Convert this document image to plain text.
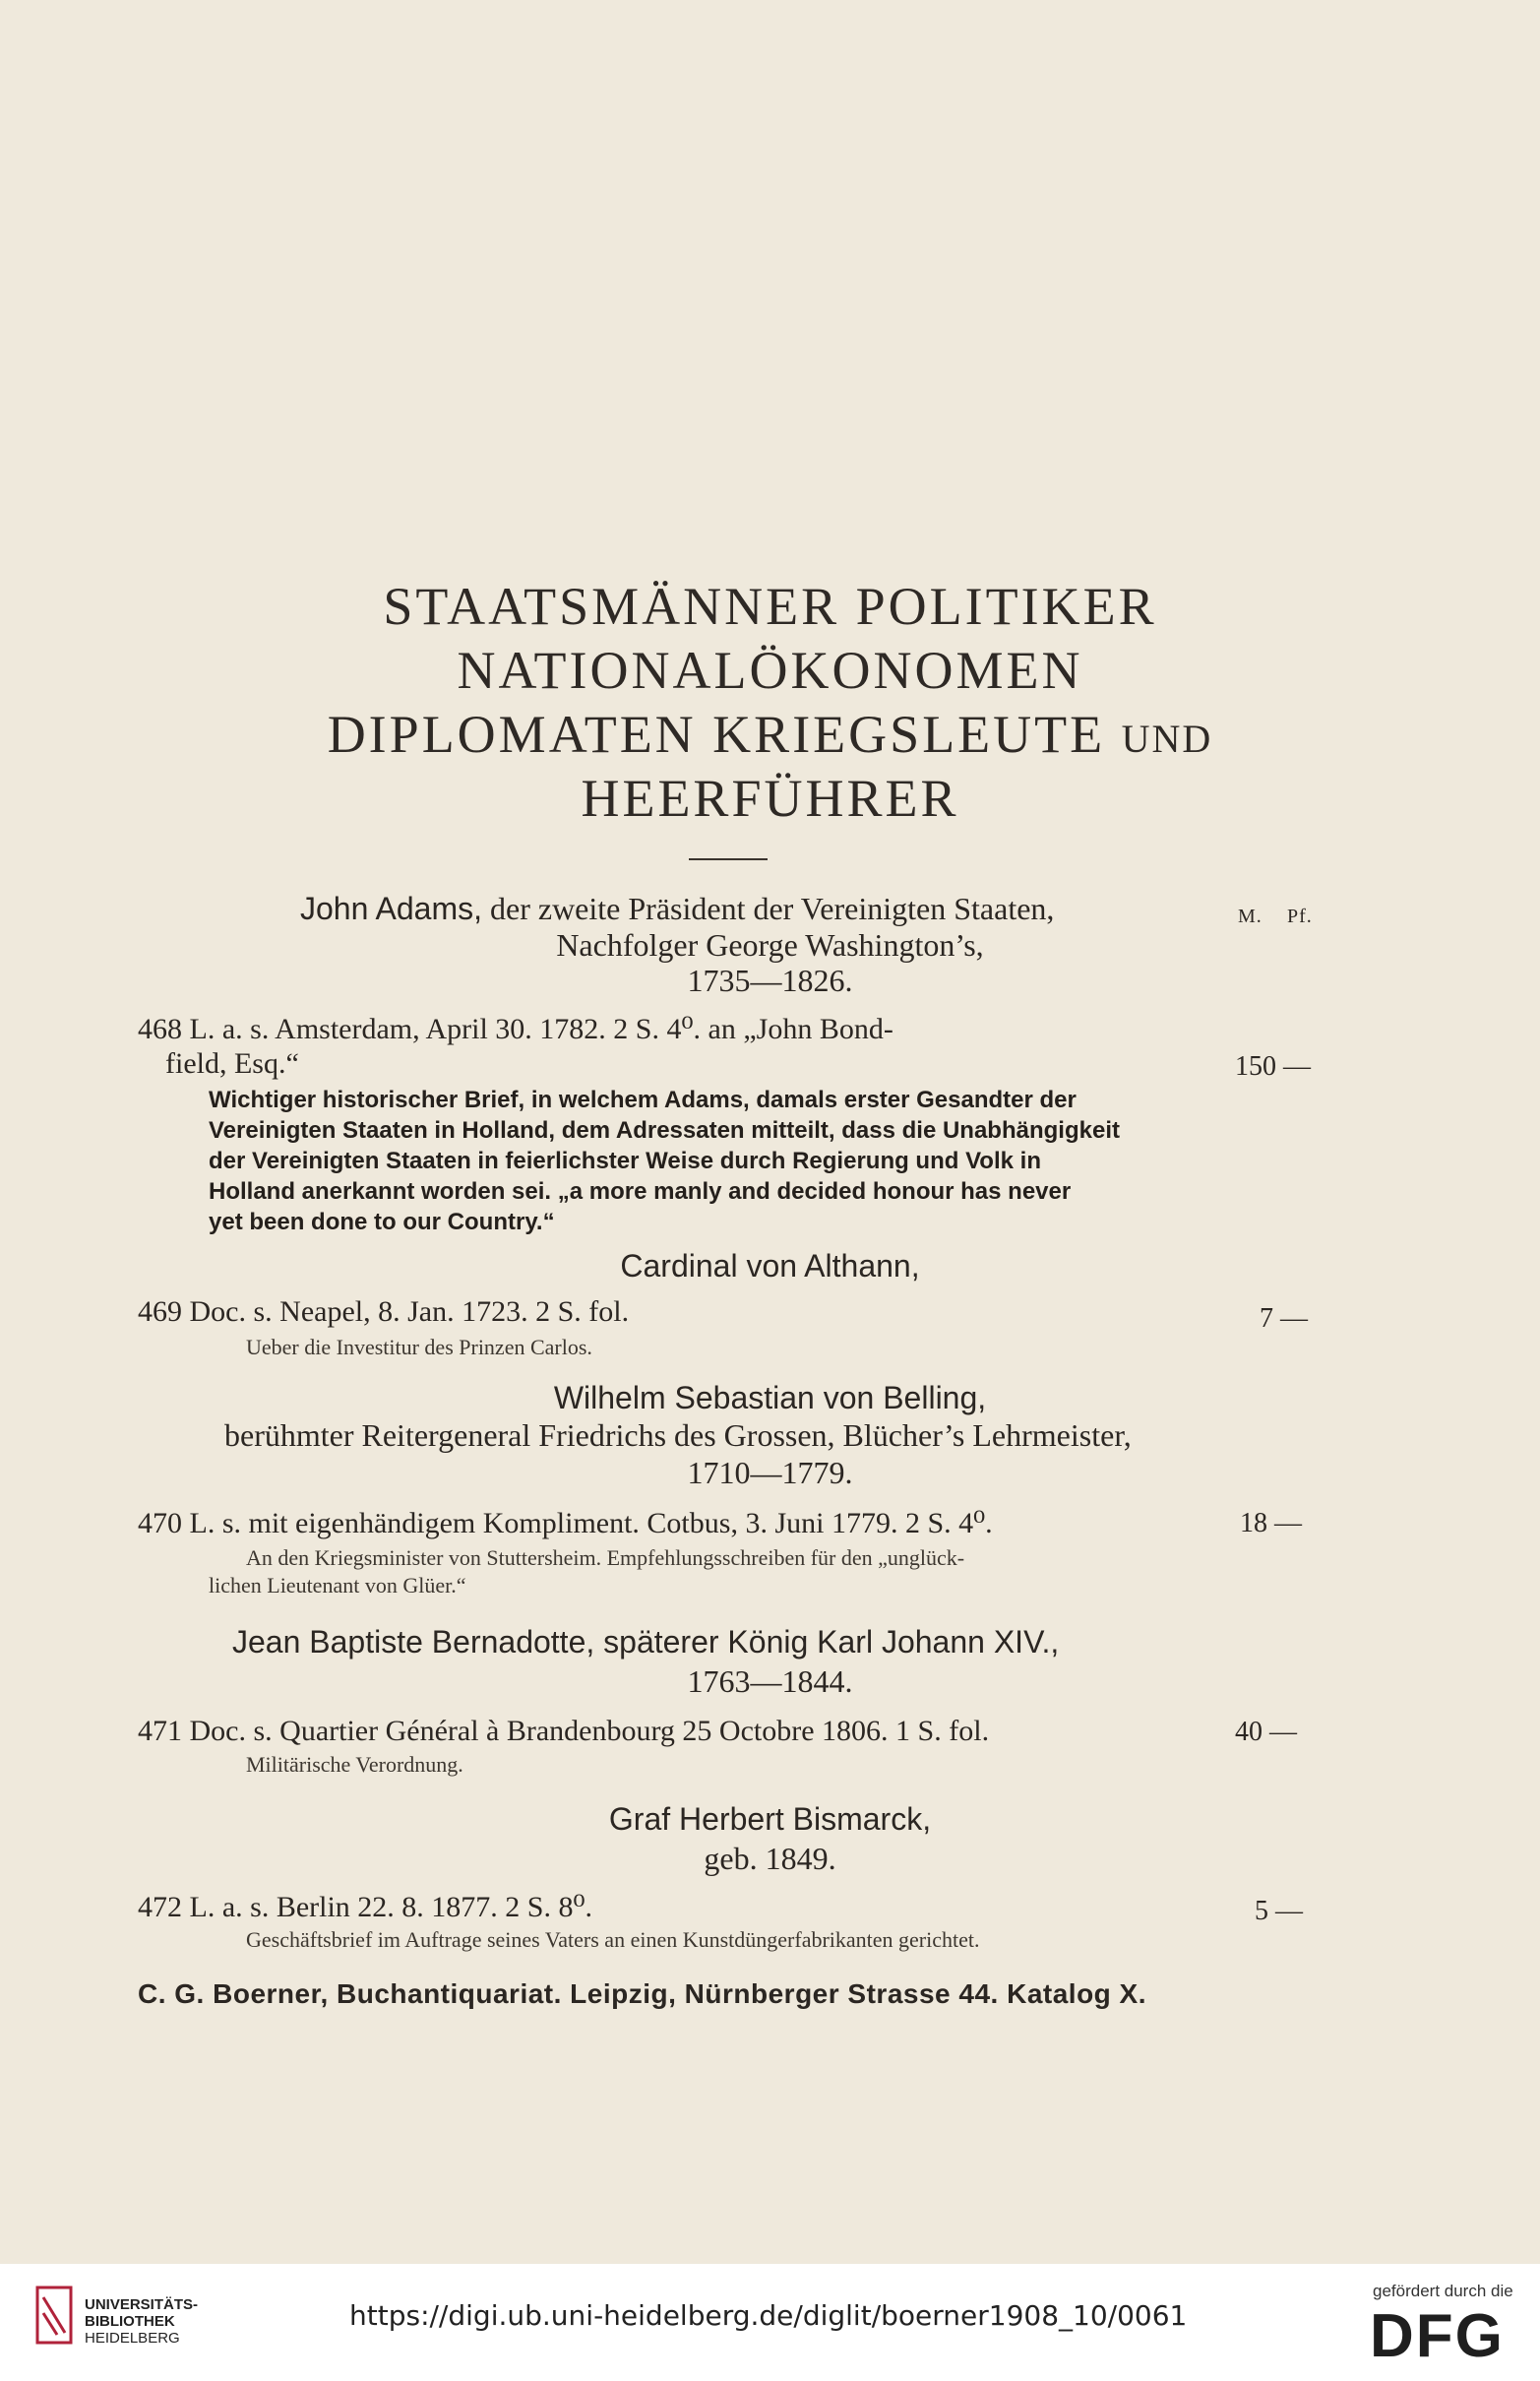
STAATSMÄNNER POLITIKER
NATIONALÖKONOMEN
DIPLOMATEN KRIEGSLEUTE UND
HEERFÜHRER
John Adams, der zweite Präsident der Vereinigten Staaten,	M. Pf.
Nachfolger George Washington’s,
1735—1826.
468 L. a. s. Amsterdam, April 30. 1782. 2 S. 4⁰. an „John Bond-
field, Esq.“	150 —
Wichtiger historischer Brief, in welchem Adams, damals erster Gesandter der
Vereinigten Staaten in Holland, dem Adressaten mitteilt, dass die Unabhängigkeit
der Vereinigten Staaten in feierlichster Weise durch Regierung und Volk in
Holland anerkannt worden sei. „a more manly and decided honour has never
yet been done to our Country.“
Cardinal von Althann,
469 Doc. s. Neapel, 8. Jan. 1723. 2 S. fol.	7 —
Ueber die Investitur des Prinzen Carlos.
Wilhelm Sebastian von Belling,
berühmter Reitergeneral Friedrichs des Grossen, Blücher’s Lehrmeister,
1710—1779.
470 L. s. mit eigenhändigem Kompliment. Cotbus, 3. Juni 1779. 2 S. 4⁰.	18 —
An den Kriegsminister von Stuttersheim. Empfehlungsschreiben für den „unglück-
lichen Lieutenant von Glüer.“
Jean Baptiste Bernadotte, späterer König Karl Johann XIV.,
1763—1844.
471 Doc. s. Quartier Général à Brandenbourg 25 Octobre 1806. 1 S. fol.	40 —
Militärische Verordnung.
Graf Herbert Bismarck,
geb. 1849.
472 L. a. s. Berlin 22. 8. 1877. 2 S. 8⁰.	5 —
Geschäftsbrief im Auftrage seines Vaters an einen Kunstdüngerfabrikanten gerichtet.
C. G. Boerner, Buchantiquariat. Leipzig, Nürnberger Strasse 44. Katalog X.
UNIVERSITÄTS-
BIBLIOTHEK
HEIDELBERG
https://digi.ub.uni-heidelberg.de/diglit/boerner1908_10/0061
gefördert durch die
DFG
